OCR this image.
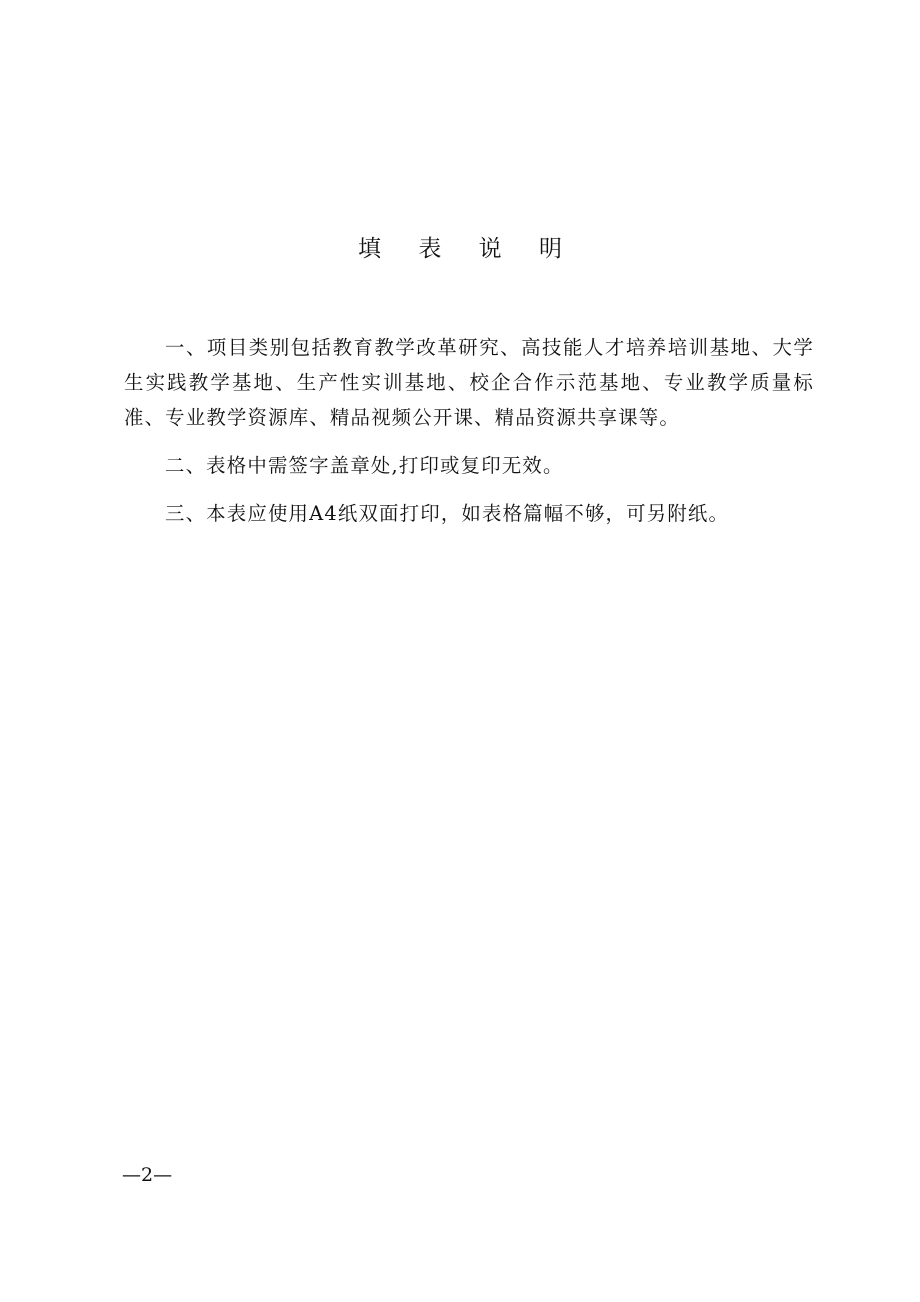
填 表 说 明

一、项目类别包括教育教学改革研究、高技能人才培养培训基地、大学生实践教学基地、生产性实训基地、校企合作示范基地、专业教学质量标准、专业教学资源库、精品视频公开课、精品资源共享课等。

二、表格中需签字盖章处,打印或复印无效。

三、本表应使用A4纸双面打印，如表格篇幅不够，可另附纸。

—2—
